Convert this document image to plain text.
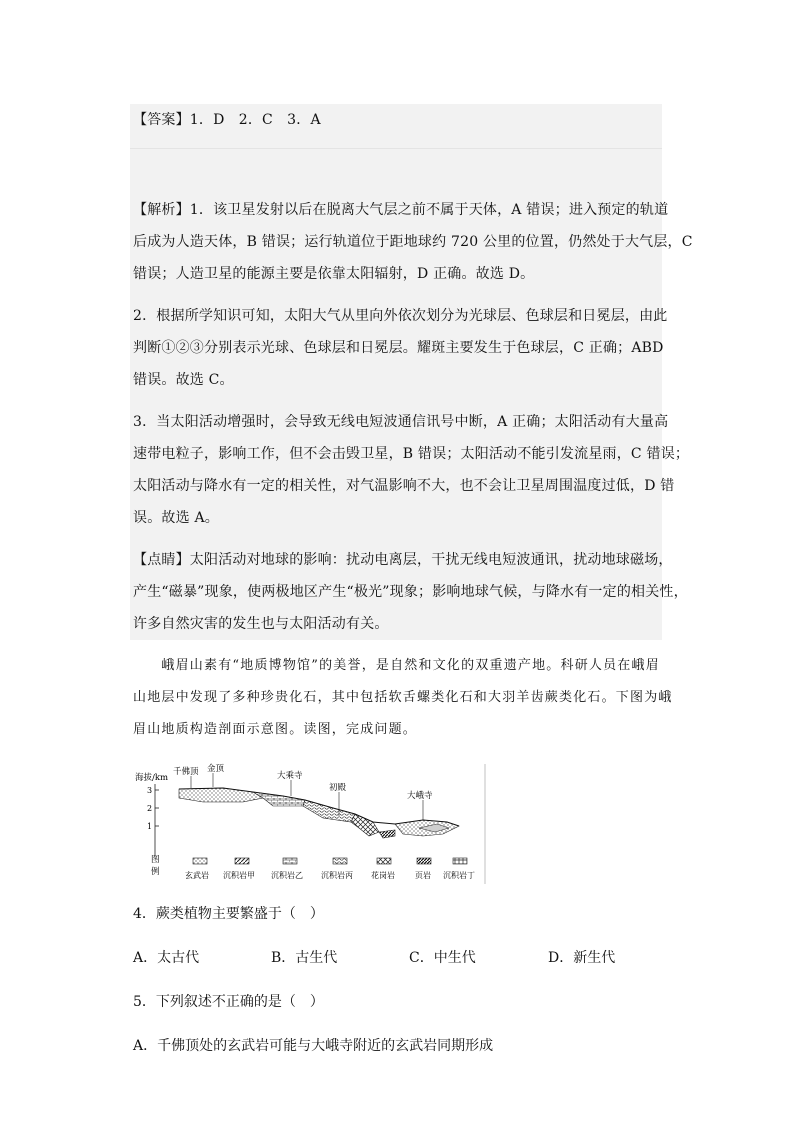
【答案】1．D　2．C　3．A
【解析】1．该卫星发射以后在脱离大气层之前不属于天体，A 错误；进入预定的轨道
后成为人造天体，B 错误；运行轨道位于距地球约 720 公里的位置，仍然处于大气层，C
错误；人造卫星的能源主要是依靠太阳辐射，D 正确。故选 D。
2．根据所学知识可知，太阳大气从里向外依次划分为光球层、色球层和日冕层，由此
判断①②③分别表示光球、色球层和日冕层。耀斑主要发生于色球层，C 正确；ABD
错误。故选 C。
3．当太阳活动增强时，会导致无线电短波通信讯号中断，A 正确；太阳活动有大量高
速带电粒子，影响工作，但不会击毁卫星，B 错误；太阳活动不能引发流星雨，C 错误；
太阳活动与降水有一定的相关性，对气温影响不大，也不会让卫星周围温度过低，D 错
误。故选 A。
【点睛】太阳活动对地球的影响：扰动电离层，干扰无线电短波通讯，扰动地球磁场，
产生“磁暴”现象，使两极地区产生“极光”现象；影响地球气候，与降水有一定的相关性，
许多自然灾害的发生也与太阳活动有关。
　　峨眉山素有“地质博物馆”的美誉，是自然和文化的双重遗产地。科研人员在峨眉
山地层中发现了多种珍贵化石，其中包括软舌螺类化石和大羽羊齿蕨类化石。下图为峨
眉山地质构造剖面示意图。读图，完成问题。
海拔/km
3
2
1
千佛顶 金顶
大乘寺
初殿
大峨寺
图
例	玄武岩 沉积岩甲 沉积岩乙 沉积岩丙 花岗岩	页岩 沉积岩丁
4．蕨类植物主要繁盛于（　）
A．太古代	B．古生代	C．中生代	D．新生代
5．下列叙述不正确的是（　）
A．千佛顶处的玄武岩可能与大峨寺附近的玄武岩同期形成
